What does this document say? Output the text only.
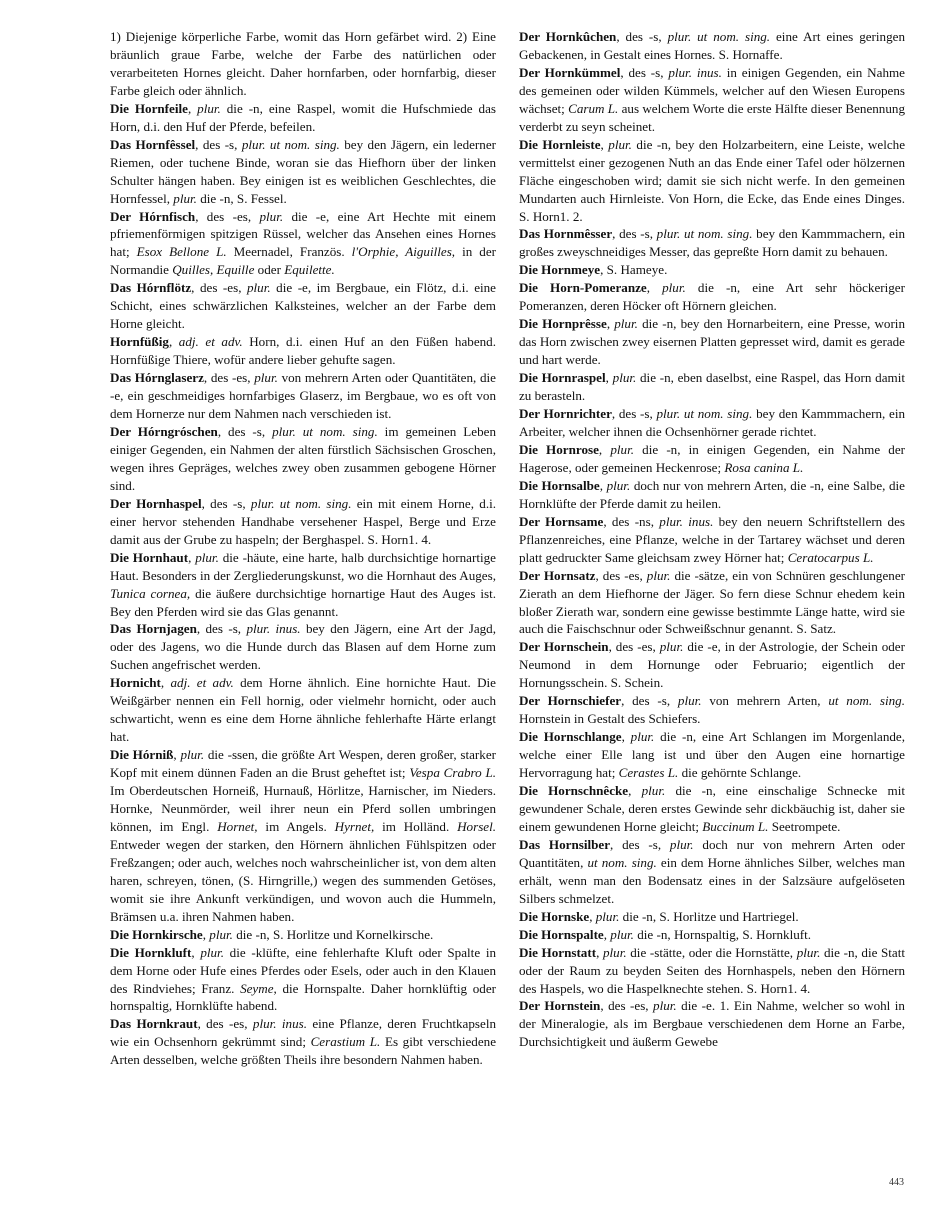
1) Diejenige körperliche Farbe, womit das Horn gefärbet wird. 2) Eine bräunlich graue Farbe, welche der Farbe des natürlichen oder verarbeiteten Hornes gleicht. Daher hornfarben, oder hornfarbig, dieser Farbe gleich oder ähnlich.

Die Hornfeile, plur. die -n, eine Raspel, womit die Hufschmiede das Horn, d.i. den Huf der Pferde, befeilen.

Das Hornfêssel, des -s, plur. ut nom. sing. bey den Jägern, ein lederner Riemen, oder tuchene Binde, woran sie das Hiefhorn über der linken Schulter hängen haben. Bey einigen ist es weiblichen Geschlechtes, die Hornfessel, plur. die -n, S. Fessel.

Der Hórnfisch, des -es, plur. die -e, eine Art Hechte mit einem pfriemenförmigen spitzigen Rüssel, welcher das Ansehen eines Hornes hat; Esox Bellone L. Meernadel, Französ. l'Orphie, Aiguilles, in der Normandie Quilles, Equille oder Equilette.

Das Hórnflötz, des -es, plur. die -e, im Bergbaue, ein Flötz, d.i. eine Schicht, eines schwärzlichen Kalksteines, welcher an der Farbe dem Horne gleicht.

Hornfüßig, adj. et adv. Horn, d.i. einen Huf an den Füßen habend. Hornfüßige Thiere, wofür andere lieber gehufte sagen.

Das Hórnglaserz, des -es, plur. von mehrern Arten oder Quantitäten, die -e, ein geschmeidiges hornfarbiges Glaserz, im Bergbaue, wo es oft von dem Hornerze nur dem Nahmen nach verschieden ist.

Der Hórngróschen, des -s, plur. ut nom. sing. im gemeinen Leben einiger Gegenden, ein Nahmen der alten fürstlich Sächsischen Groschen, wegen ihres Gepräges, welches zwey oben zusammen gebogene Hörner sind.

Der Hornhaspel, des -s, plur. ut nom. sing. ein mit einem Horne, d.i. einer hervor stehenden Handhabe versehener Haspel, Berge und Erze damit aus der Grube zu haspeln; der Berghaspel. S. Horn1. 4.

Die Hornhaut, plur. die -häute, eine harte, halb durchsichtige hornartige Haut. Besonders in der Zergliederungskunst, wo die Hornhaut des Auges, Tunica cornea, die äußere durchsichtige hornartige Haut des Auges ist. Bey den Pferden wird sie das Glas genannt.

Das Hornjagen, des -s, plur. inus. bey den Jägern, eine Art der Jagd, oder des Jagens, wo die Hunde durch das Blasen auf dem Horne zum Suchen angefrischet werden.

Hornicht, adj. et adv. dem Horne ähnlich. Eine hornichte Haut. Die Weißgärber nennen ein Fell hornig, oder vielmehr hornicht, oder auch schwarticht, wenn es eine dem Horne ähnliche fehlerhafte Härte erlangt hat.

Die Hórniß, plur. die -ssen, die größte Art Wespen, deren großer, starker Kopf mit einem dünnen Faden an die Brust geheftet ist; Vespa Crabro L. Im Oberdeutschen Horneiß, Hurnauß, Hörlitze, Harnischer, im Nieders. Hornke, Neunmörder, weil ihrer neun ein Pferd sollen umbringen können, im Engl. Hornet, im Angels. Hyrnet, im Holländ. Horsel. Entweder wegen der starken, den Hörnern ähnlichen Fühlspitzen oder Freßzangen; oder auch, welches noch wahrscheinlicher ist, von dem alten haren, schreyen, tönen, (S. Hirngrille,) wegen des summenden Getöses, womit sie ihre Ankunft verkündigen, und wovon auch die Hummeln, Brämsen u.a. ihren Nahmen haben.

Die Hornkirsche, plur. die -n, S. Horlitze und Kornelkirsche.

Die Hornkluft, plur. die -klüfte, eine fehlerhafte Kluft oder Spalte in dem Horne oder Hufe eines Pferdes oder Esels, oder auch in den Klauen des Rindviehes; Franz. Seyme, die Hornspalte. Daher hornklüftig oder hornspaltig, Hornklüfte habend.

Das Hornkraut, des -es, plur. inus. eine Pflanze, deren Fruchtkapseln wie ein Ochsenhorn gekrümmt sind; Cerastium L. Es gibt verschiedene Arten desselben, welche größten Theils ihre besondern Nahmen haben.

Der Hornkûchen, des -s, plur. ut nom. sing. eine Art eines geringen Gebackenen, in Gestalt eines Hornes. S. Hornaffe.

Der Hornkümmel, des -s, plur. inus. in einigen Gegenden, ein Nahme des gemeinen oder wilden Kümmels, welcher auf den Wiesen Europens wächset; Carum L. aus welchem Worte die erste Hälfte dieser Benennung verderbt zu seyn scheinet.

Die Hornleiste, plur. die -n, bey den Holzarbeitern, eine Leiste, welche vermittelst einer gezogenen Nuth an das Ende einer Tafel oder hölzernen Fläche eingeschoben wird; damit sie sich nicht werfe. In den gemeinen Mundarten auch Hirnleiste. Von Horn, die Ecke, das Ende eines Dinges. S. Horn1. 2.

Das Hornmêsser, des -s, plur. ut nom. sing. bey den Kammmachern, ein großes zweyschneidiges Messer, das gepreßte Horn damit zu behauen.

Die Hornmeye, S. Hameye.

Die Horn-Pomeranze, plur. die -n, eine Art sehr höckeriger Pomeranzen, deren Höcker oft Hörnern gleichen.

Die Hornprêsse, plur. die -n, bey den Hornarbeitern, eine Presse, worin das Horn zwischen zwey eisernen Platten gepresset wird, damit es gerade und hart werde.

Die Hornraspel, plur. die -n, eben daselbst, eine Raspel, das Horn damit zu berasteln.

Der Hornrichter, des -s, plur. ut nom. sing. bey den Kammmachern, ein Arbeiter, welcher ihnen die Ochsenhörner gerade richtet.

Die Hornrose, plur. die -n, in einigen Gegenden, ein Nahme der Hagerose, oder gemeinen Heckenrose; Rosa canina L.

Die Hornsalbe, plur. doch nur von mehrern Arten, die -n, eine Salbe, die Hornklüfte der Pferde damit zu heilen.

Der Hornsame, des -ns, plur. inus. bey den neuern Schriftstellern des Pflanzenreiches, eine Pflanze, welche in der Tartarey wächset und deren platt gedruckter Same gleichsam zwey Hörner hat; Ceratocarpus L.

Der Hornsatz, des -es, plur. die -sätze, ein von Schnüren geschlungener Zierath an dem Hiefhorne der Jäger. So fern diese Schnur ehedem kein bloßer Zierath war, sondern eine gewisse bestimmte Länge hatte, wird sie auch die Faischschnur oder Schweißschnur genannt. S. Satz.

Der Hornschein, des -es, plur. die -e, in der Astrologie, der Schein oder Neumond in dem Hornunge oder Februario; eigentlich der Hornungsschein. S. Schein.

Der Hornschiefer, des -s, plur. von mehrern Arten, ut nom. sing. Hornstein in Gestalt des Schiefers.

Die Hornschlange, plur. die -n, eine Art Schlangen im Morgenlande, welche einer Elle lang ist und über den Augen eine hornartige Hervorragung hat; Cerastes L. die gehörnte Schlange.

Die Hornschnêcke, plur. die -n, eine einschalige Schnecke mit gewundener Schale, deren erstes Gewinde sehr dickbäuchig ist, daher sie einem gewundenen Horne gleicht; Buccinum L. Seetrompete.

Das Hornsilber, des -s, plur. doch nur von mehrern Arten oder Quantitäten, ut nom. sing. ein dem Horne ähnliches Silber, welches man erhält, wenn man den Bodensatz eines in der Salzsäure aufgelöseten Silbers schmelzet.

Die Hornske, plur. die -n, S. Horlitze und Hartriegel.

Die Hornspalte, plur. die -n, Hornspaltig, S. Hornkluft.

Die Hornstatt, plur. die -stätte, oder die Hornstätte, plur. die -n, die Statt oder der Raum zu beyden Seiten des Hornhaspels, neben den Hörnern des Haspels, wo die Haspelknechte stehen. S. Horn1. 4.

Der Hornstein, des -es, plur. die -e. 1. Ein Nahme, welcher so wohl in der Mineralogie, als im Bergbaue verschiedenen dem Horne an Farbe, Durchsichtigkeit und äußerm Gewebe

443
